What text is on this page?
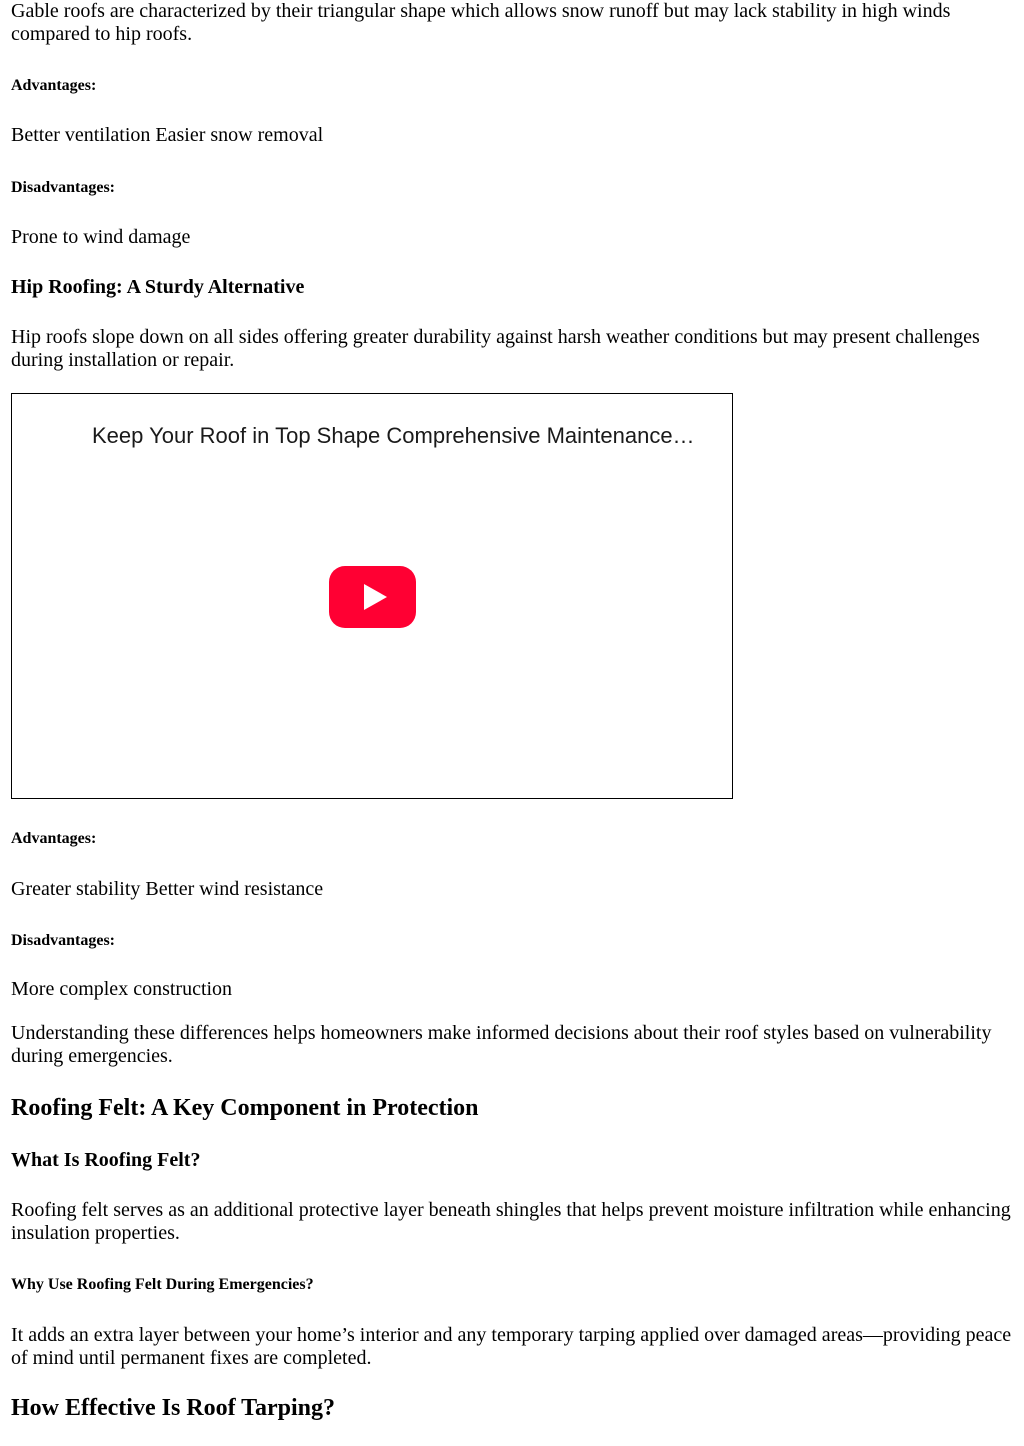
Gable roofs are characterized by their triangular shape which allows snow runoff but may lack stability in high winds compared to hip roofs.

Advantages:

Better ventilation Easier snow removal

Disadvantages:

Prone to wind damage

Hip Roofing: A Sturdy Alternative

Hip roofs slope down on all sides offering greater durability against harsh weather conditions but may present challenges during installation or repair.

Keep Your Roof in Top Shape Comprehensive Maintenance…
Advantages:

Greater stability Better wind resistance

Disadvantages:

More complex construction

Understanding these differences helps homeowners make informed decisions about their roof styles based on vulnerability during emergencies.

Roofing Felt: A Key Component in Protection
What Is Roofing Felt?

Roofing felt serves as an additional protective layer beneath shingles that helps prevent moisture infiltration while enhancing insulation properties.

Why Use Roofing Felt During Emergencies?

It adds an extra layer between your home’s interior and any temporary tarping applied over damaged areas—providing peace of mind until permanent fixes are completed.

How Effective Is Roof Tarping?
